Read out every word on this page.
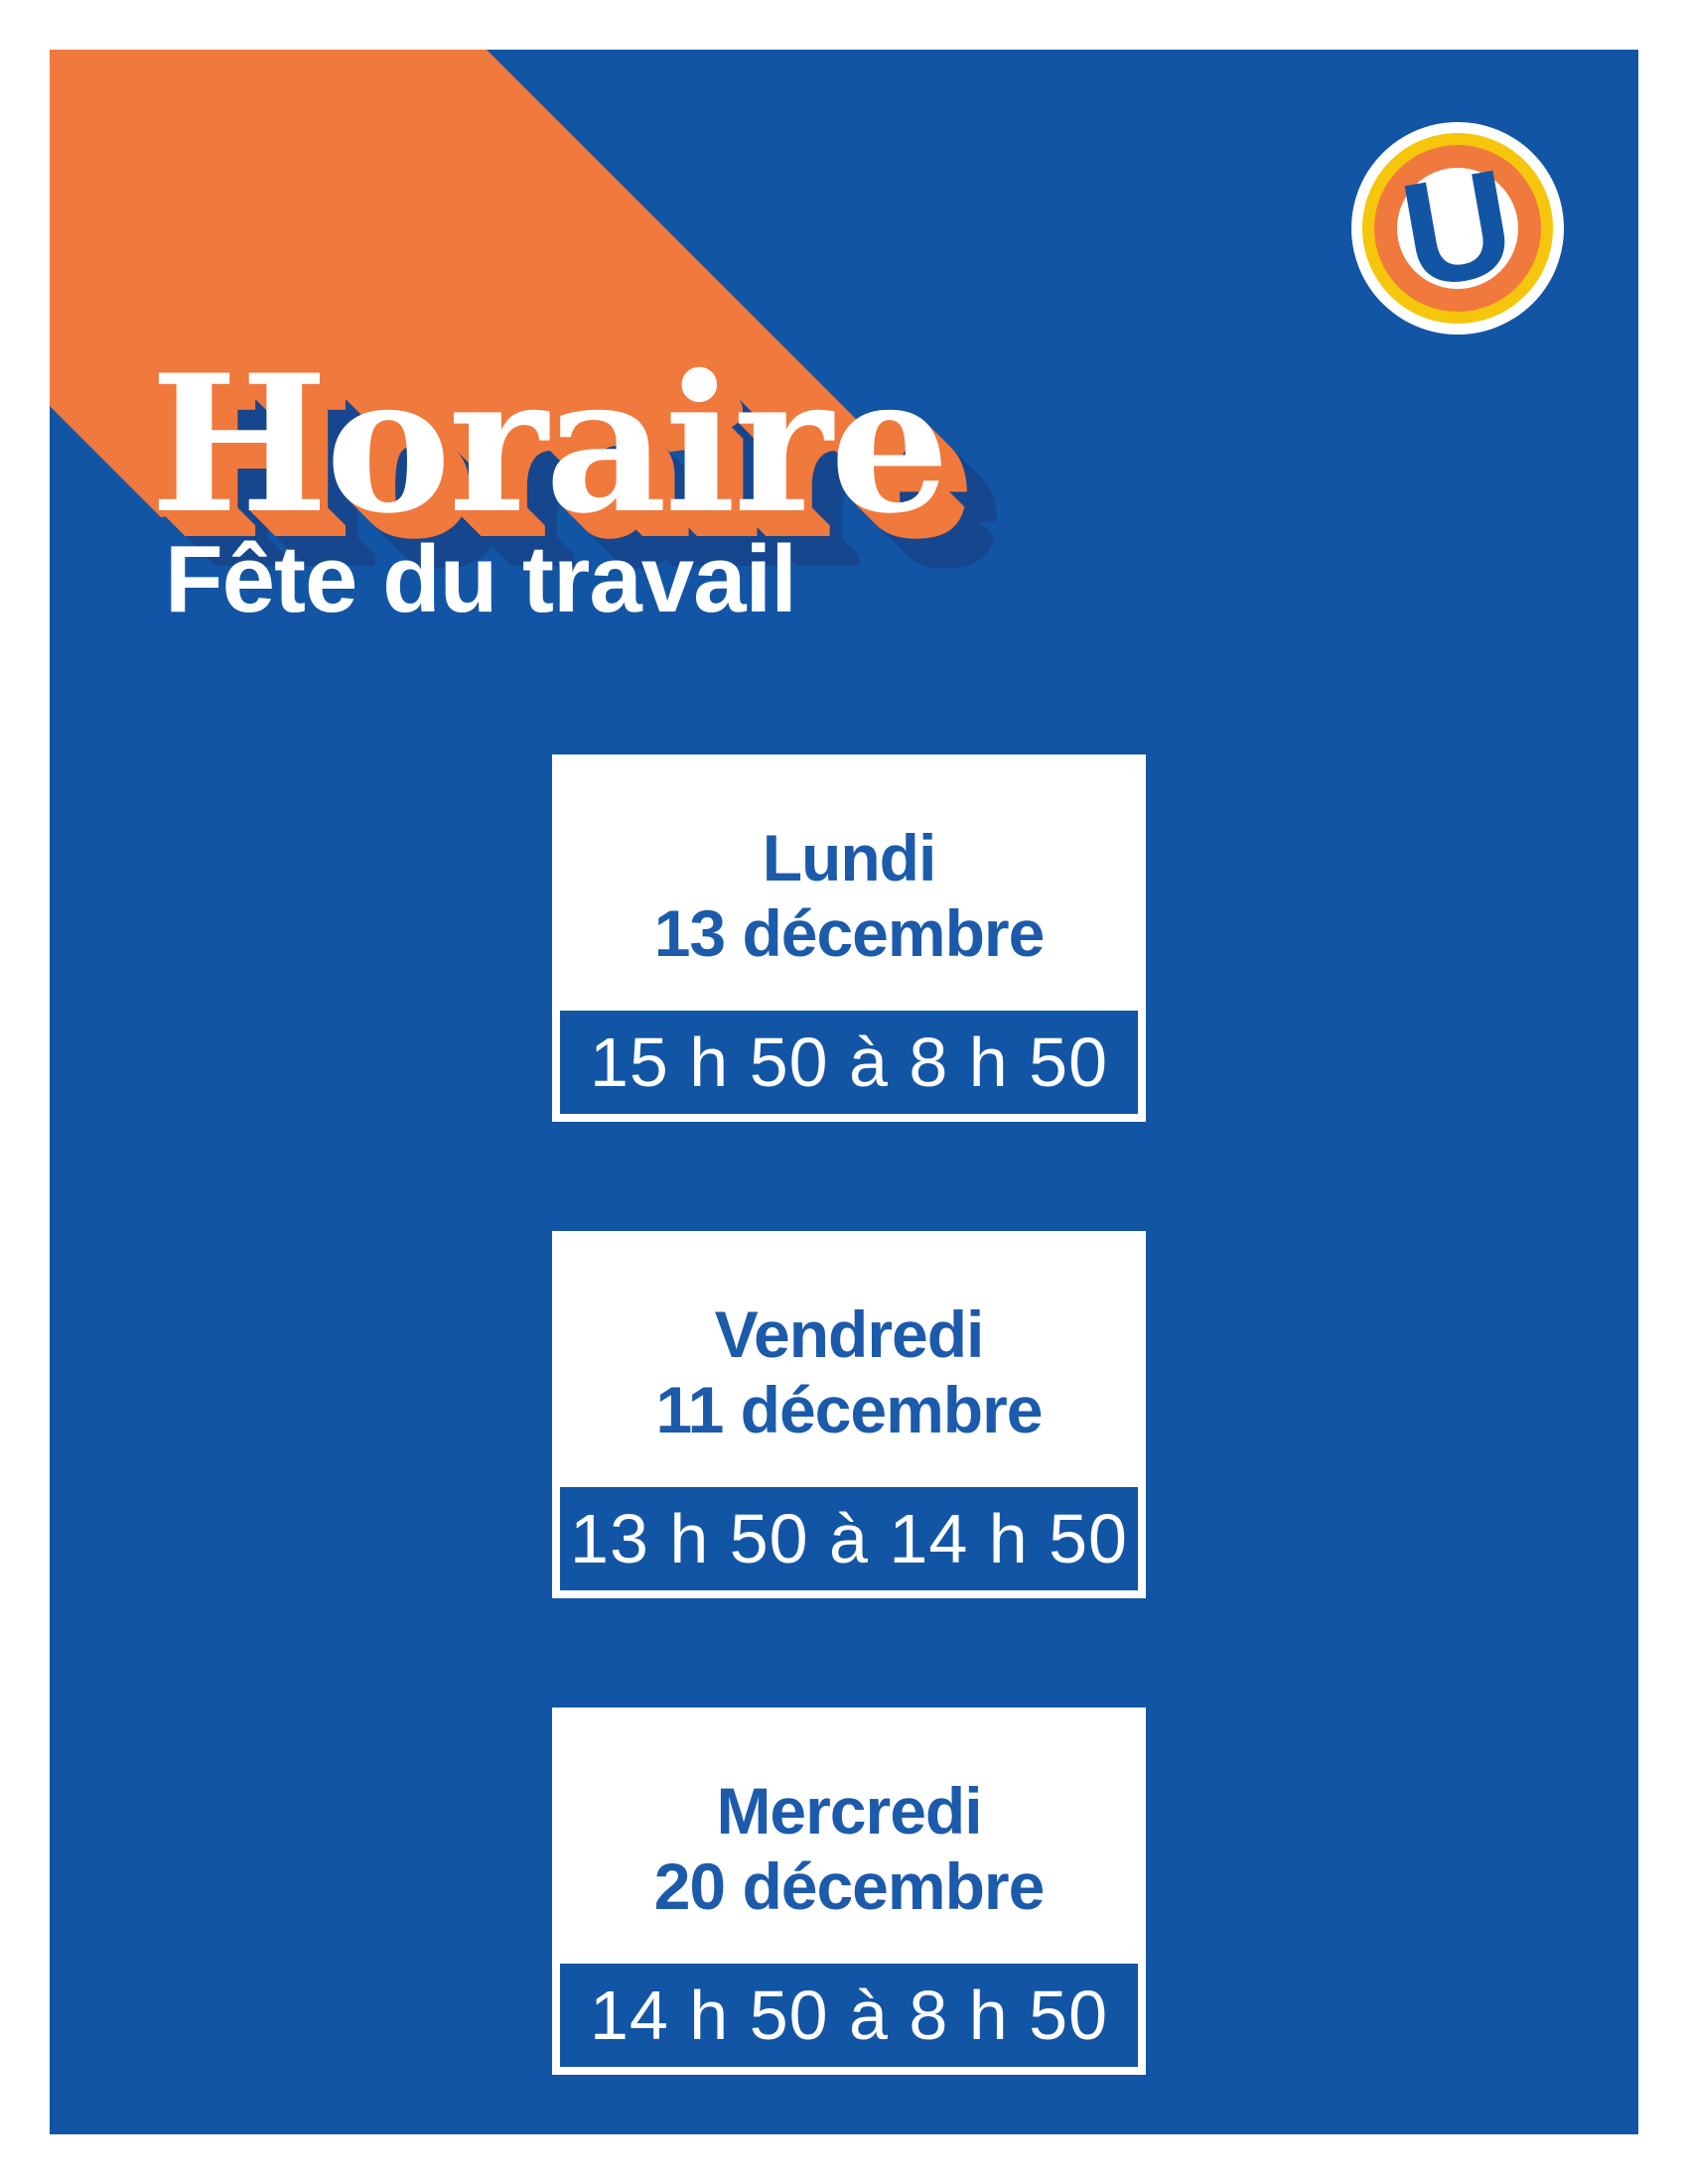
Horaire
Fête du travail
U
Lundi
13 décembre
15 h 50 à 8 h 50
Vendredi
11 décembre
13 h 50 à 14 h 50
Mercredi
20 décembre
14 h 50 à 8 h 50
